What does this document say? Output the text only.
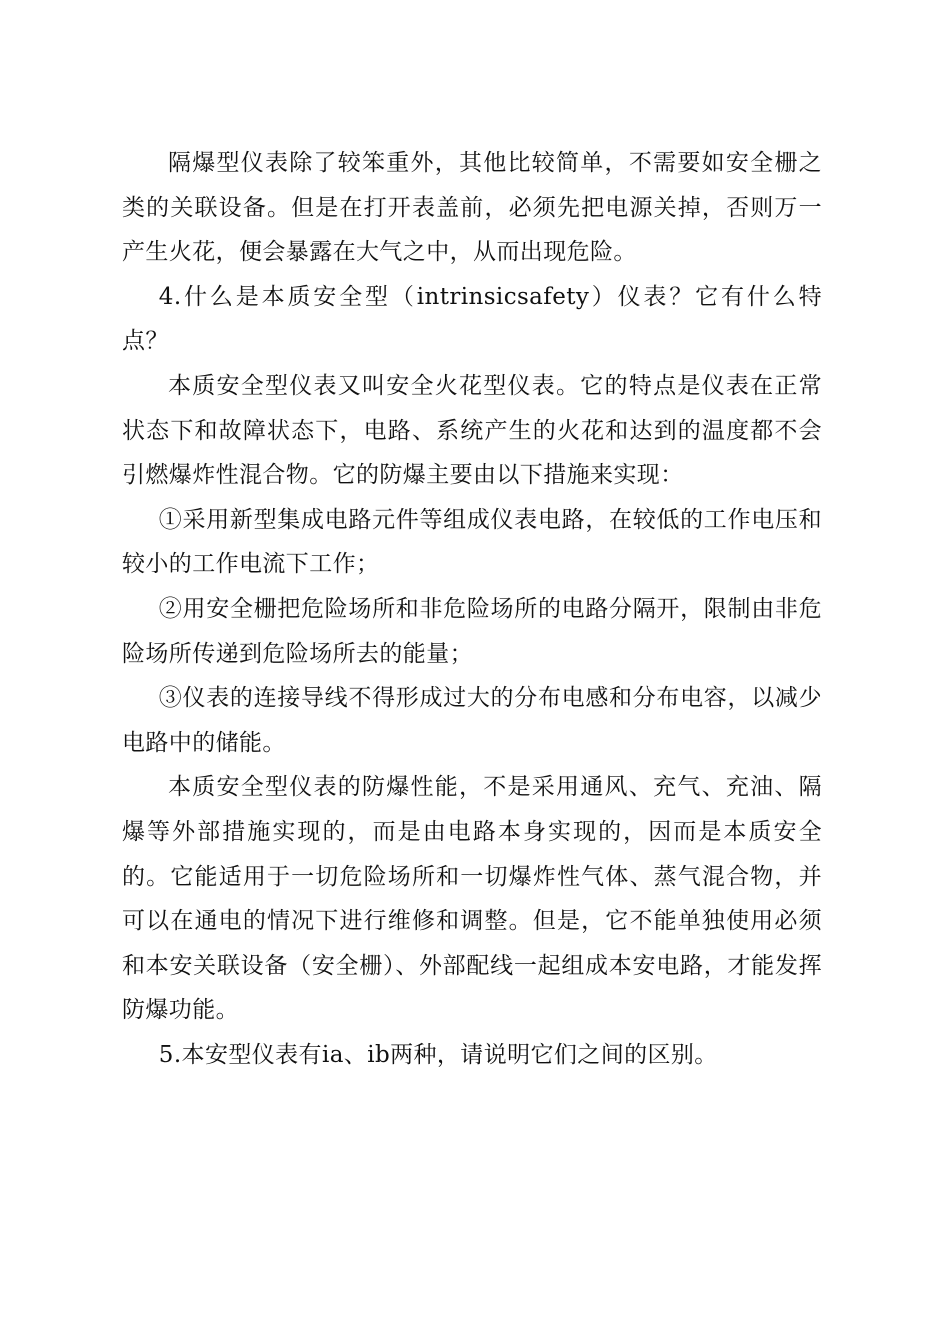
隔爆型仪表除了较笨重外，其他比较简单，不需要如安全栅之类的关联设备。但是在打开表盖前，必须先把电源关掉，否则万一产生火花，便会暴露在大气之中，从而出现危险。

4.什么是本质安全型（intrinsicsafety）仪表？它有什么特点？

本质安全型仪表又叫安全火花型仪表。它的特点是仪表在正常状态下和故障状态下，电路、系统产生的火花和达到的温度都不会引燃爆炸性混合物。它的防爆主要由以下措施来实现：

①采用新型集成电路元件等组成仪表电路，在较低的工作电压和较小的工作电流下工作；

②用安全栅把危险场所和非危险场所的电路分隔开，限制由非危险场所传递到危险场所去的能量；

③仪表的连接导线不得形成过大的分布电感和分布电容，以减少电路中的储能。

本质安全型仪表的防爆性能，不是采用通风、充气、充油、隔爆等外部措施实现的，而是由电路本身实现的，因而是本质安全的。它能适用于一切危险场所和一切爆炸性气体、蒸气混合物，并可以在通电的情况下进行维修和调整。但是，它不能单独使用必须和本安关联设备（安全栅）、外部配线一起组成本安电路，才能发挥防爆功能。

5.本安型仪表有ia、ib两种，请说明它们之间的区别。
